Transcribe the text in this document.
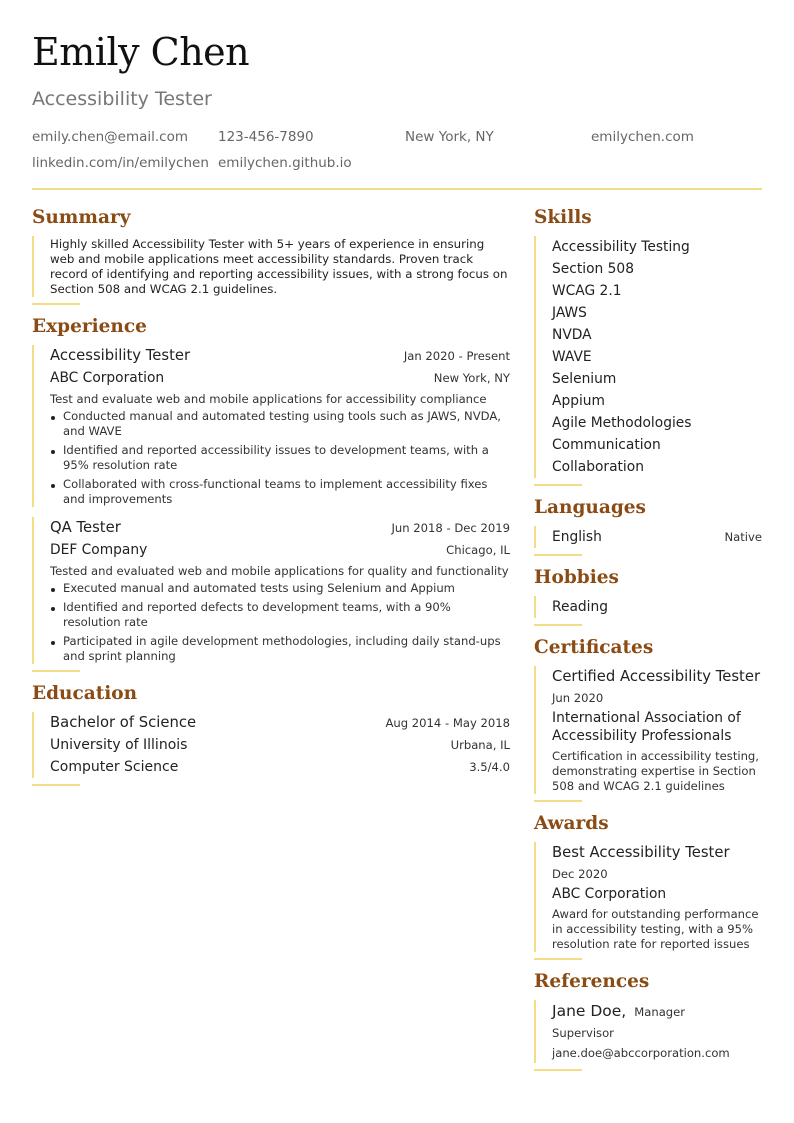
Emily Chen
Accessibility Tester
emily.chen@email.com 123-456-7890	New York, NY	emilychen.com
linkedin.com/in/emilychen emilychen.github.io
Summary
Highly skilled Accessibility Tester with 5+ years of experience in ensuring web and mobile applications meet accessibility standards. Proven track record of identifying and reporting accessibility issues, with a strong focus on Section 508 and WCAG 2.1 guidelines.
Experience
Accessibility Tester	Jan 2020 - Present
ABC Corporation	New York, NY
Test and evaluate web and mobile applications for accessibility compliance
Conducted manual and automated testing using tools such as JAWS, NVDA, and WAVE
Identified and reported accessibility issues to development teams, with a 95% resolution rate
Collaborated with cross-functional teams to implement accessibility fixes and improvements
QA Tester	Jun 2018 - Dec 2019
DEF Company	Chicago, IL
Tested and evaluated web and mobile applications for quality and functionality
Executed manual and automated tests using Selenium and Appium
Identified and reported defects to development teams, with a 90% resolution rate
Participated in agile development methodologies, including daily stand-ups and sprint planning
Education
Bachelor of Science	Aug 2014 - May 2018
University of Illinois	Urbana, IL
Computer Science	3.5/4.0
Skills
Accessibility Testing
Section 508
WCAG 2.1
JAWS
NVDA
WAVE
Selenium
Appium
Agile Methodologies
Communication
Collaboration
Languages
English	Native
Hobbies
Reading
Certificates
Certified Accessibility Tester
Jun 2020
International Association of Accessibility Professionals
Certification in accessibility testing, demonstrating expertise in Section 508 and WCAG 2.1 guidelines
Awards
Best Accessibility Tester
Dec 2020
ABC Corporation
Award for outstanding performance in accessibility testing, with a 95% resolution rate for reported issues
References
Jane Doe, Manager
Supervisor
jane.doe@abccorporation.com
